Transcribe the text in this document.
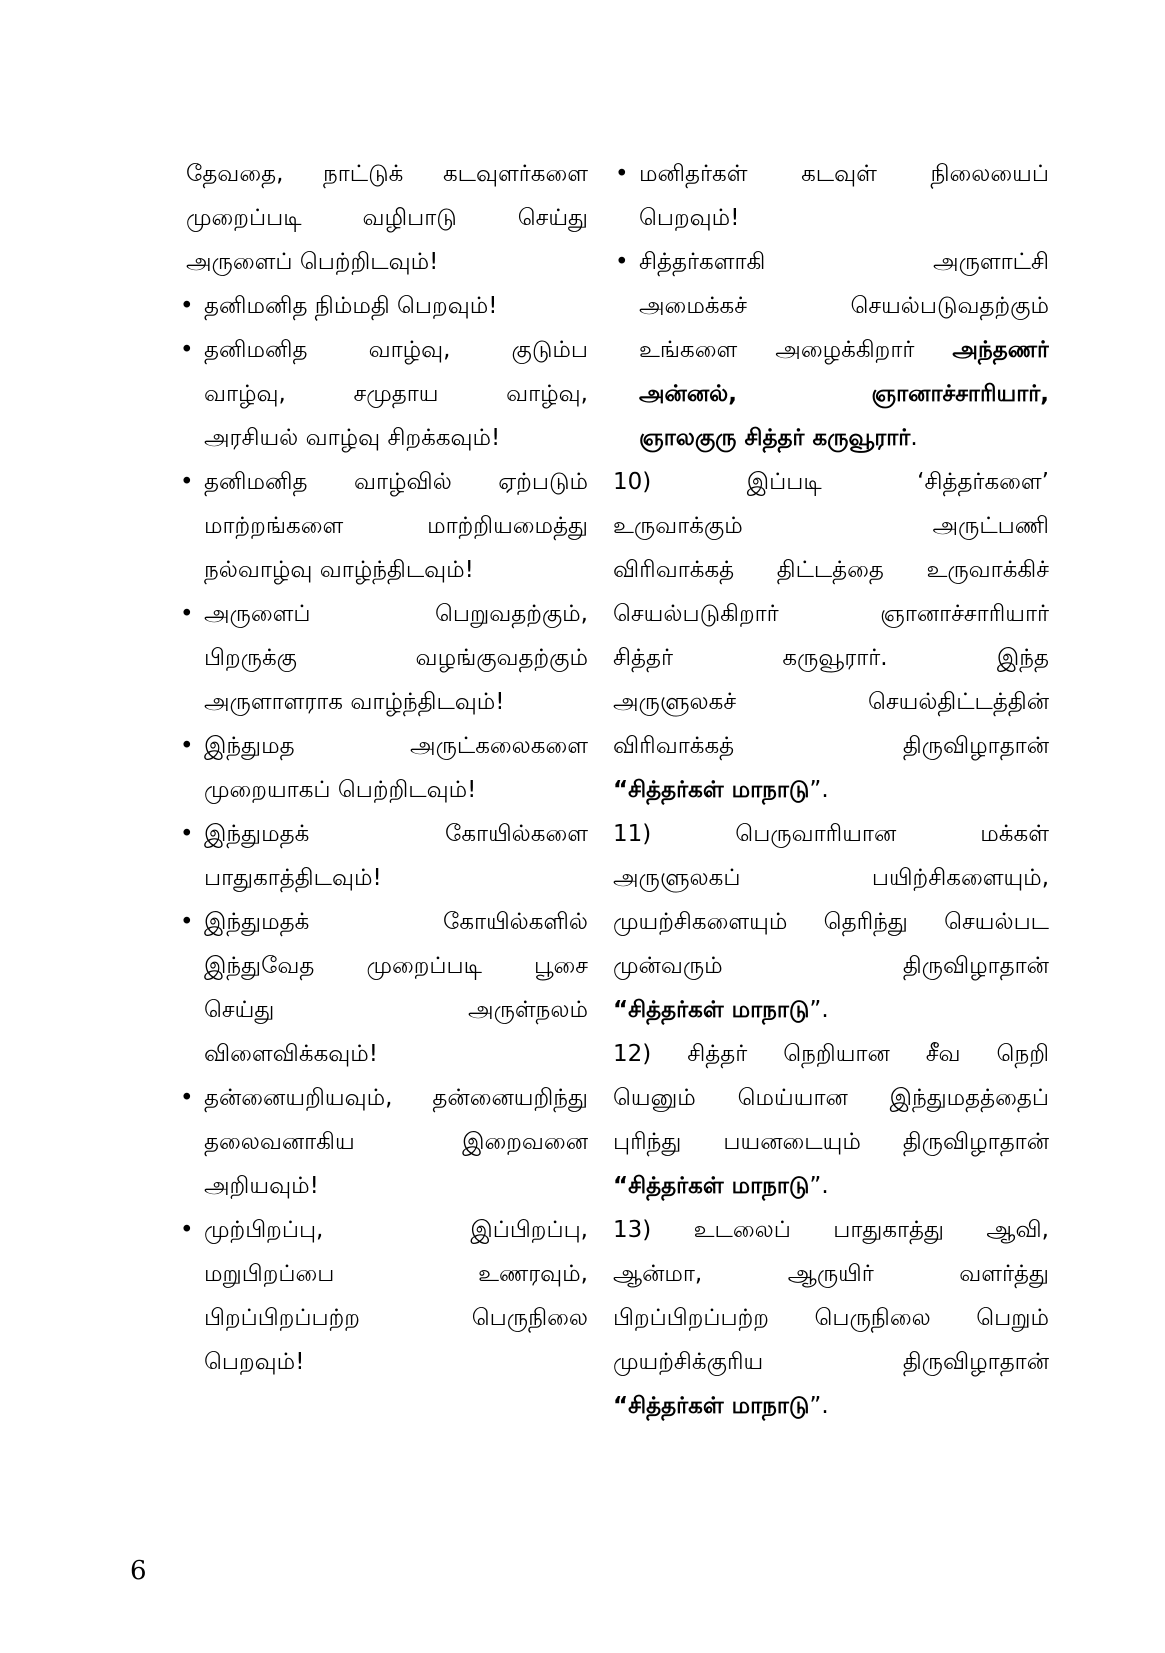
தேவதை, நாட்டுக் கடவுளர்களை
முறைப்படி வழிபாடு செய்து
அருளைப் பெற்றிடவும்!
• தனிமனித நிம்மதி பெறவும்!
• தனிமனித வாழ்வு, குடும்ப
வாழ்வு, சமுதாய வாழ்வு,
அரசியல் வாழ்வு சிறக்கவும்!
• தனிமனித வாழ்வில் ஏற்படும்
மாற்றங்களை மாற்றியமைத்து
நல்வாழ்வு வாழ்ந்திடவும்!
• அருளைப் பெறுவதற்கும்,
பிறருக்கு வழங்குவதற்கும்
அருளாளராக வாழ்ந்திடவும்!
• இந்துமத அருட்கலைகளை
முறையாகப் பெற்றிடவும்!
• இந்துமதக் கோயில்களை
பாதுகாத்திடவும்!
• இந்துமதக் கோயில்களில்
இந்துவேத முறைப்படி பூசை
செய்து அருள்நலம்
விளைவிக்கவும்!
• தன்னையறியவும், தன்னையறிந்து
தலைவனாகிய இறைவனை
அறியவும்!
• முற்பிறப்பு, இப்பிறப்பு,
மறுபிறப்பை உணரவும்,
பிறப்பிறப்பற்ற பெருநிலை
பெறவும்!
• மனிதர்கள் கடவுள் நிலையைப்
பெறவும்!
• சித்தர்களாகி அருளாட்சி
அமைக்கச் செயல்படுவதற்கும்
உங்களை அழைக்கிறார் அந்தணர்
அன்னல், ஞானாச்சாரியார்,
ஞாலகுரு சித்தர் கருவூரார்.
10) இப்படி ‘சித்தர்களை’
உருவாக்கும் அருட்பணி
விரிவாக்கத் திட்டத்தை உருவாக்கிச்
செயல்படுகிறார் ஞானாச்சாரியார்
சித்தர் கருவூரார். இந்த
அருளுலகச் செயல்திட்டத்தின்
விரிவாக்கத் திருவிழாதான்
“சித்தர்கள் மாநாடு”.
11) பெருவாரியான மக்கள்
அருளுலகப் பயிற்சிகளையும்,
முயற்சிகளையும் தெரிந்து செயல்பட
முன்வரும் திருவிழாதான்
“சித்தர்கள் மாநாடு”.
12) சித்தர் நெறியான சீவ நெறி
யெனும் மெய்யான இந்துமதத்தைப்
புரிந்து பயனடையும் திருவிழாதான்
“சித்தர்கள் மாநாடு”.
13) உடலைப் பாதுகாத்து ஆவி,
ஆன்மா, ஆருயிர் வளர்த்து
பிறப்பிறப்பற்ற பெருநிலை பெறும்
முயற்சிக்குரிய திருவிழாதான்
“சித்தர்கள் மாநாடு”.
6
